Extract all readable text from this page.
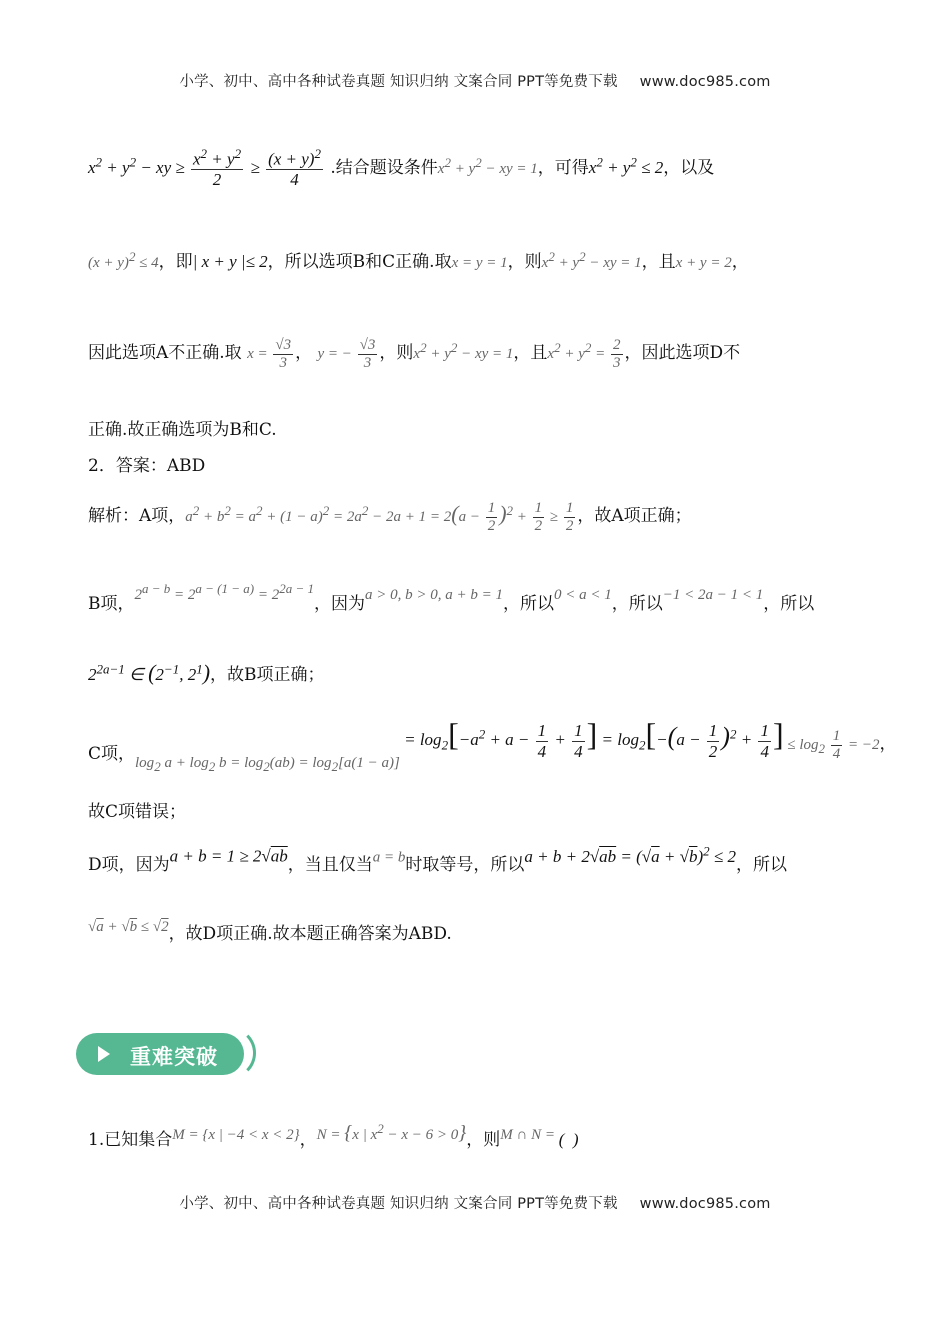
小学、初中、高中各种试卷真题 知识归纳 文案合同 PPT等免费下载 www.doc985.com
$x^2 + y^2$ − xy ≥ $\frac{x^2 + y^2}{2} \ge \frac{(x + y)^2}{4}$ .结合题设条件$x^2 + y^2$ − xy = 1，可得$x^2 + y^2 \le 2$，以及
$(x + y)^2 \le 4$，即| x + y |≤ 2，所以选项B和C正确.取x = y = 1，则$x^2 + y^2$ − xy = 1，且x + y = 2，
因此选项A不正确.取 $x = \frac{√3}{3}$ ， y = − $\frac{√3}{3}$ ，则$x^2 + y^2$ − xy = 1，且$x^2 + y^2 = \frac{2}{3}$ ，因此选项D不
正确.故正确选项为B和C.
2．答案：ABD
解析：A项，$a^2 + b^2 = a^2 + (1 - a)^2 = 2a^2 - 2a + 1 = 2(a - \frac{1}{2} )^2 + \frac{1}{2} \ge \frac{1}{2}$ ，故A项正确；
B项，$2^{a - b} = 2^{a - (1 - a)} = 2^{2a - 1}$，因为a > 0, b > 0, a + b = 1，所以0 < a < 1，所以−1 < 2a − 1 < 1，所以
$2^{2a-1}$ ∈ ($2^{-1}$, $2^1$)，故B项正确；
C项，$\log_2 a + \log_2 b = \log_2(ab) = \log_2[a(1 - a)] = \log_2[-a^2 + a - \frac{1}{4} + \frac{1}{4}$ ] = $\log_2[-(a - \frac{1}{2} )^2 + \frac{1}{4}$ ] ≤ $\log_2 \frac{1}{4} = -2$，
故C项错误；
D项，因为a + b = 1 ≥ 2√ab，当且仅当a = b时取等号，所以$a + b + 2√ab = (√a + √b)^2 \le 2$，所以
√a + √b ≤ √2，故D项正确.故本题正确答案为ABD.
重难突破
1.已知集合M = {x | −4 < x < 2}，N = {x | $x^2 - x - 6 > 0$}，则M ∩ N = (  )
小学、初中、高中各种试卷真题 知识归纳 文案合同 PPT等免费下载 www.doc985.com
